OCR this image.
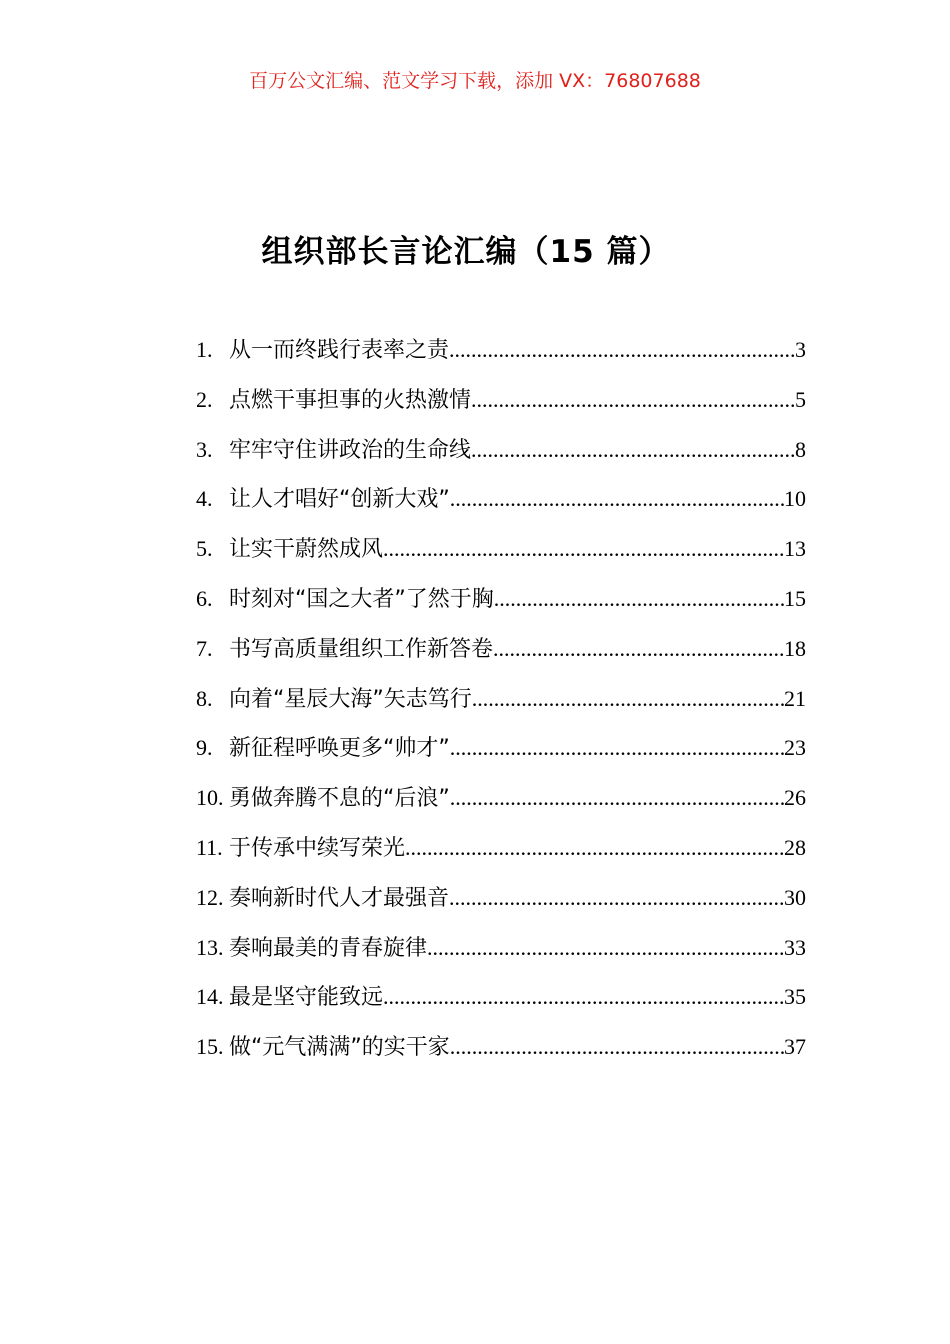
百万公文汇编、范文学习下载，添加 VX：76807688
组织部长言论汇编（15 篇）
1. 从一而终践行表率之责 .....	3
2. 点燃干事担事的火热激情 .....	5
3. 牢牢守住讲政治的生命线 .....	8
4. 让人才唱好“创新大戏” .....	10
5. 让实干蔚然成风 .....	13
6. 时刻对“国之大者”了然于胸 .....	15
7. 书写高质量组织工作新答卷 .....	18
8. 向着“星辰大海”矢志笃行 .....	21
9. 新征程呼唤更多“帅才” .....	23
10. 勇做奔腾不息的“后浪” .....	26
11. 于传承中续写荣光 .....	28
12. 奏响新时代人才最强音 .....	30
13. 奏响最美的青春旋律 .....	33
14. 最是坚守能致远 .....	35
15. 做“元气满满”的实干家 .....	37
